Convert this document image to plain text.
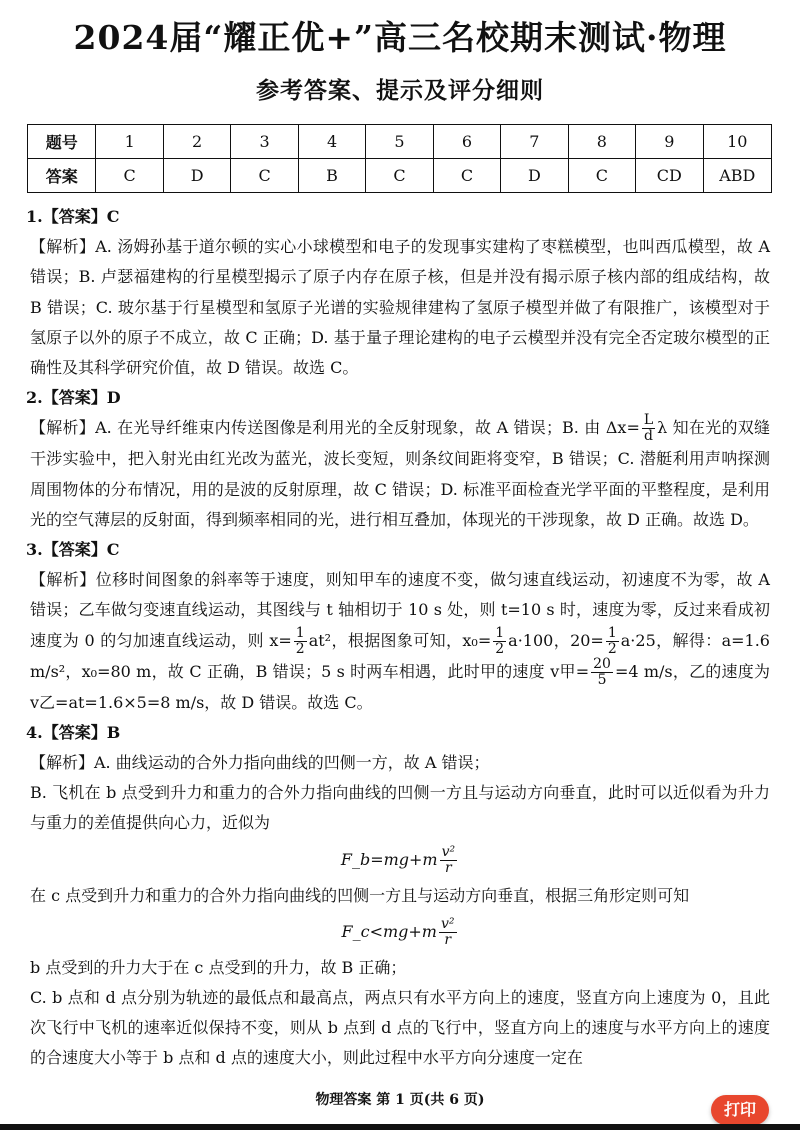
2024届“耀正优+”高三名校期末测试·物理
参考答案、提示及评分细则
题号	1	2	3	4	5	6	7	8	9	10
答案	C	D	C	B	C	C	D	C	CD	ABD

1.【答案】C

【解析】A. 汤姆孙基于道尔顿的实心小球模型和电子的发现事实建构了枣糕模型，也叫西瓜模型，故 A 错误；B. 卢瑟福建构的行星模型揭示了原子内存在原子核，但是并没有揭示原子核内部的组成结构，故 B 错误；C. 玻尔基于行星模型和氢原子光谱的实验规律建构了氢原子模型并做了有限推广，该模型对于氢原子以外的原子不成立，故 C 正确；D. 基于量子理论建构的电子云模型并没有完全否定玻尔模型的正确性及其科学研究价值，故 D 错误。故选 C。

2.【答案】D

【解析】A. 在光导纤维束内传送图像是利用光的全反射现象，故 A 错误；B. 由 $\Delta x= \frac{L}{d}$ λ 知在光的双缝干涉实验中，把入射光由红光改为蓝光，波长变短，则条纹间距将变窄，B 错误；C. 潜艇利用声呐探测周围物体的分布情况，用的是波的反射原理，故 C 错误；D. 标准平面检查光学平面的平整程度，是利用光的空气薄层的反射面，得到频率相同的光，进行相互叠加，体现光的干涉现象，故 D 正确。故选 D。

3.【答案】C

【解析】位移时间图象的斜率等于速度，则知甲车的速度不变，做匀速直线运动，初速度不为零，故 A 错误；乙车做匀变速直线运动，其图线与 t 轴相切于 10 s 处，则 t=10 s 时，速度为零，反过来看成初速度为 0 的匀加速直线运动，则 $x= \frac{1}{2} at^2$，根据图象可知，$x_0= \frac{1}{2} a\cdot 100$，$20= \frac{1}{2} a\cdot 25$，解得：a=1.6 m/s²，x₀=80 m，故 C 正确，B 错误；5 s 时两车相遇，此时甲的速度 v甲= $\frac{20}{5} =4$ m/s，乙的速度为 v乙=at=1.6×5=8 m/s，故 D 错误。故选 C。

4.【答案】B

【解析】A. 曲线运动的合外力指向曲线的凹侧一方，故 A 错误；

B. 飞机在 b 点受到升力和重力的合外力指向曲线的凹侧一方且与运动方向垂直，此时可以近似看为升力与重力的差值提供向心力，近似为

F_b=mg+m $\frac{\text{v²}}{r}$

在 c 点受到升力和重力的合外力指向曲线的凹侧一方且与运动方向垂直，根据三角形定则可知

F_c<mg+m $\frac{\text{v²}}{r}$

b 点受到的升力大于在 c 点受到的升力，故 B 正确；

C. b 点和 d 点分别为轨迹的最低点和最高点，两点只有水平方向上的速度，竖直方向上速度为 0，且此次飞行中飞机的速率近似保持不变，则从 b 点到 d 点的飞行中，竖直方向上的速度与水平方向上的速度的合速度大小等于 b 点和 d 点的速度大小，则此过程中水平方向分速度一定在

物理答案 第 1 页(共 6 页)	打印
